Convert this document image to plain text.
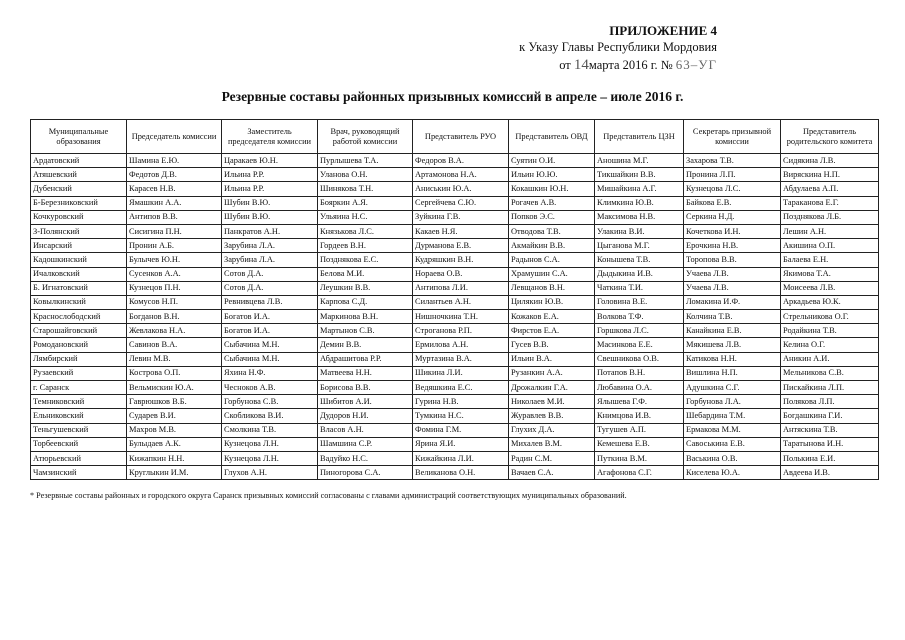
ПРИЛОЖЕНИЕ 4
к Указу Главы Республики Мордовия
от 14марта 2016 г. № 63–УГ
Резервные составы районных призывных комиссий в апреле – июле 2016 г.
Муниципальные образования	Председатель комиссии	Заместитель председателя комиссии	Врач, руководящий работой комиссии	Представитель РУО	Представитель ОВД	Представитель ЦЗН	Секретарь призывной комиссии	Представитель родительского комитета
Ардатовский	Шамина Е.Ю.	Царакаев Ю.Н.	Пурлышева Т.А.	Федоров В.А.	Суятин О.И.	Аношина М.Г.	Захарова Т.В.	Сидякина Л.В.
Атяшевский	Федотов Д.В.	Ильина Р.Р.	Уланова О.Н.	Артамонова Н.А.	Ильин Ю.Ю.	Тикшайкин В.В.	Пронина Л.П.	Виряскина Н.П.
Дубенский	Карасев Н.В.	Ильина Р.Р.	Шинякова Т.Н.	Аниськин Ю.А.	Кокашкин Ю.Н.	Мишайкина А.Г.	Кузнецова Л.С.	Абдулаева А.П.
Б-Березниковский	Ямашкин А.А.	Шубин В.Ю.	Бояркин А.Я.	Сергейчева С.Ю.	Рогачев А.В.	Климкина Ю.В.	Байкова Е.В.	Тараканова Е.Г.
Кочкуровский	Антипов В.В.	Шубин В.Ю.	Ульяина Н.С.	Зуйкина Г.В.	Попков Э.С.	Максимова Н.В.	Серкина Н.Д.	Позднякова Л.Б.
З-Полянский	Сисигина П.Н.	Панкратов А.Н.	Князькова Л.С.	Какаев Н.Я.	Отводова Т.В.	Улакина В.И.	Кочеткова И.Н.	Лешин А.Н.
Инсарский	Пронин А.Б.	Зарубина Л.А.	Гордеев В.Н.	Дурманова Е.В.	Акмайкин В.В.	Цыганова М.Г.	Ерочкина Н.В.	Акишина О.П.
Кадошкинский	Булычев Ю.Н.	Зарубина Л.А.	Позднякова Е.С.	Кудряшкин В.Н.	Радынов С.А.	Конышева Т.В.	Торопова В.В.	Балаева Е.Н.
Ичалковский	Сусенков А.А.	Сотов Д.А.	Белова М.И.	Нораева О.В.	Храмушин С.А.	Дыдыкина И.В.	Учаева Л.В.	Якимова Т.А.
Б. Игнатовский	Кузнецов П.Н.	Сотов Д.А.	Леушкин В.В.	Антипова Л.И.	Левщанов В.Н.	Чаткина Т.И.	Учаева Л.В.	Моисеева Л.В.
Ковылкинский	Комусов Н.П.	Ревнивцева Л.В.	Карпова С.Д.	Силантьев А.Н.	Цилякин Ю.В.	Головина В.Е.	Ломакина И.Ф.	Аркадьева Ю.К.
Краснослободский	Богданов В.Н.	Богатов И.А.	Маркинова В.Н.	Нишночкина Т.Н.	Кожаков Е.А.	Волкова Т.Ф.	Колчина Т.В.	Стрельникова О.Г.
Старошайговский	Жевлакова Н.А.	Богатов И.А.	Мартынов С.В.	Строганова Р.П.	Фирстов Е.А.	Горшкова Л.С.	Канайкина Е.В.	Родайкина Т.В.
Ромодановский	Савинов В.А.	Сыбачина М.Н.	Демин В.В.	Ермилова А.Н.	Гусев В.В.	Масинкова Е.Е.	Мякишева Л.В.	Келина О.Г.
Лямбирский	Левин М.В.	Сыбачина М.Н.	Абдрашитова Р.Р.	Муртазина В.А.	Ильин В.А.	Свешникова О.В.	Катикова Н.Н.	Аникин А.И.
Рузаевский	Кострова О.П.	Яхина Н.Ф.	Матвеева Н.Н.	Шикина Л.И.	Рузанкин А.А.	Потапов В.Н.	Вишлина Н.П.	Мельникова С.В.
г. Саранск	Вельмискин Ю.А.	Чесноков А.В.	Борисова В.В.	Ведяшкина Е.С.	Дрожалкин Г.А.	Любавина О.А.	Адушкина С.Г.	Пискайкина Л.П.
Темниковский	Гаврюшков В.Б.	Горбунова С.В.	Шибитов А.И.	Гурина Н.В.	Николаев М.И.	Ялышева Г.Ф.	Горбунова Л.А.	Полякова Л.П.
Ельниковский	Сударев В.И.	Скобликова В.И.	Дудоров Н.И.	Тумкина Н.С.	Журавлев В.В.	Книмцова И.В.	Шебардина Т.М.	Богдашкина Г.И.
Теньгушевский	Махров М.В.	Смолкина Т.В.	Власов А.Н.	Фомина Г.М.	Глухих Д.А.	Тугушев А.П.	Ермакова М.М.	Антяскина Т.В.
Торбеевский	Булыдаев А.К.	Кузнецова Л.Н.	Шамшина С.Р.	Ярина Я.И.	Михалев В.М.	Кемешева Е.В.	Савоськина Е.В.	Таратынова И.Н.
Атюрьевский	Кижапкин Н.Н.	Кузнецова Л.Н.	Вадуйко Н.С.	Кижайкина Л.И.	Радин С.М.	Путкина В.М.	Васькина О.В.	Полькина Е.И.
Чамзинский	Круглыкин И.М.	Глухов А.Н.	Пиногорова С.А.	Великанова О.Н.	Вачаев С.А.	Агафонова С.Г.	Киселева Ю.А.	Авдеева И.В.
* Резервные составы районных и городского округа Саранск призывных комиссий согласованы с главами администраций соответствующих муниципальных образований.
